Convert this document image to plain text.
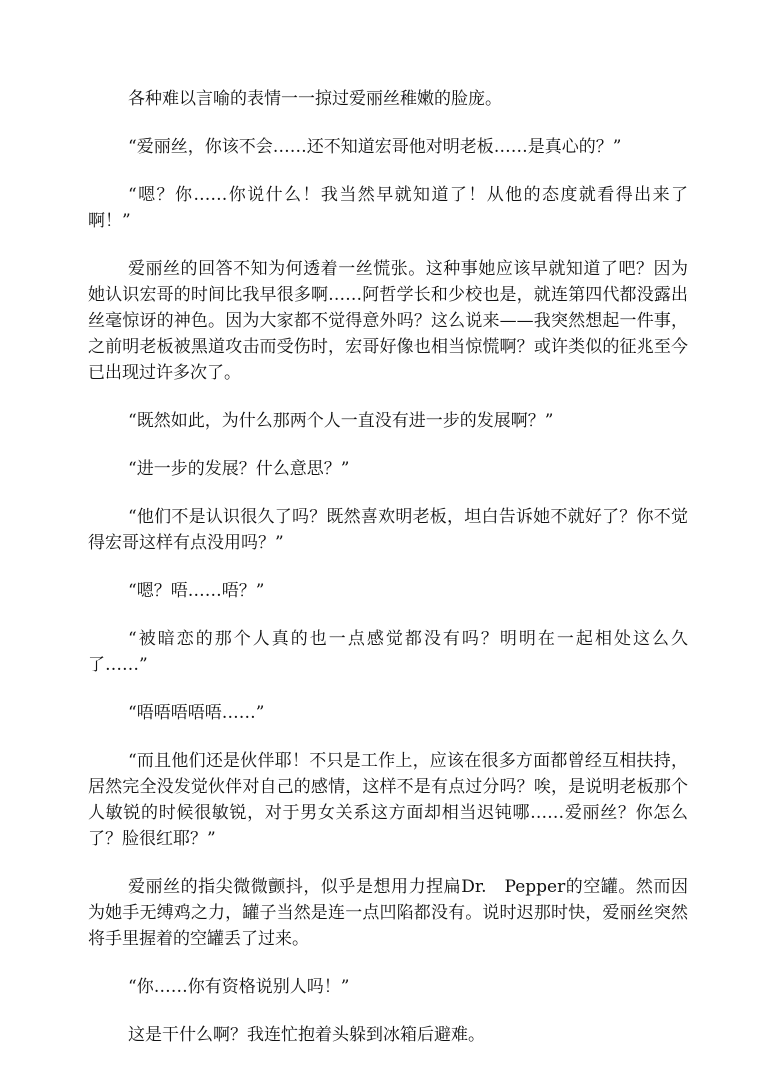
各种难以言喻的表情一一掠过爱丽丝稚嫩的脸庞。

“爱丽丝，你该不会……还不知道宏哥他对明老板……是真心的？”

“嗯？你……你说什么！我当然早就知道了！从他的态度就看得出来了啊！”

爱丽丝的回答不知为何透着一丝慌张。这种事她应该早就知道了吧？因为她认识宏哥的时间比我早很多啊……阿哲学长和少校也是，就连第四代都没露出丝毫惊讶的神色。因为大家都不觉得意外吗？这么说来——我突然想起一件事，之前明老板被黑道攻击而受伤时，宏哥好像也相当惊慌啊？或许类似的征兆至今已出现过许多次了。

“既然如此，为什么那两个人一直没有进一步的发展啊？”

“进一步的发展？什么意思？”

“他们不是认识很久了吗？既然喜欢明老板，坦白告诉她不就好了？你不觉得宏哥这样有点没用吗？”

“嗯？唔……唔？”

“被暗恋的那个人真的也一点感觉都没有吗？明明在一起相处这么久了……”

“唔唔唔唔唔……”

“而且他们还是伙伴耶！不只是工作上，应该在很多方面都曾经互相扶持，居然完全没发觉伙伴对自己的感情，这样不是有点过分吗？唉，是说明老板那个人敏锐的时候很敏锐，对于男女关系这方面却相当迟钝哪……爱丽丝？你怎么了？脸很红耶？”

爱丽丝的指尖微微颤抖，似乎是想用力捏扁Dr.　Pepper的空罐。然而因为她手无缚鸡之力，罐子当然是连一点凹陷都没有。说时迟那时快，爱丽丝突然将手里握着的空罐丢了过来。

“你……你有资格说别人吗！”

这是干什么啊？我连忙抱着头躲到冰箱后避难。
